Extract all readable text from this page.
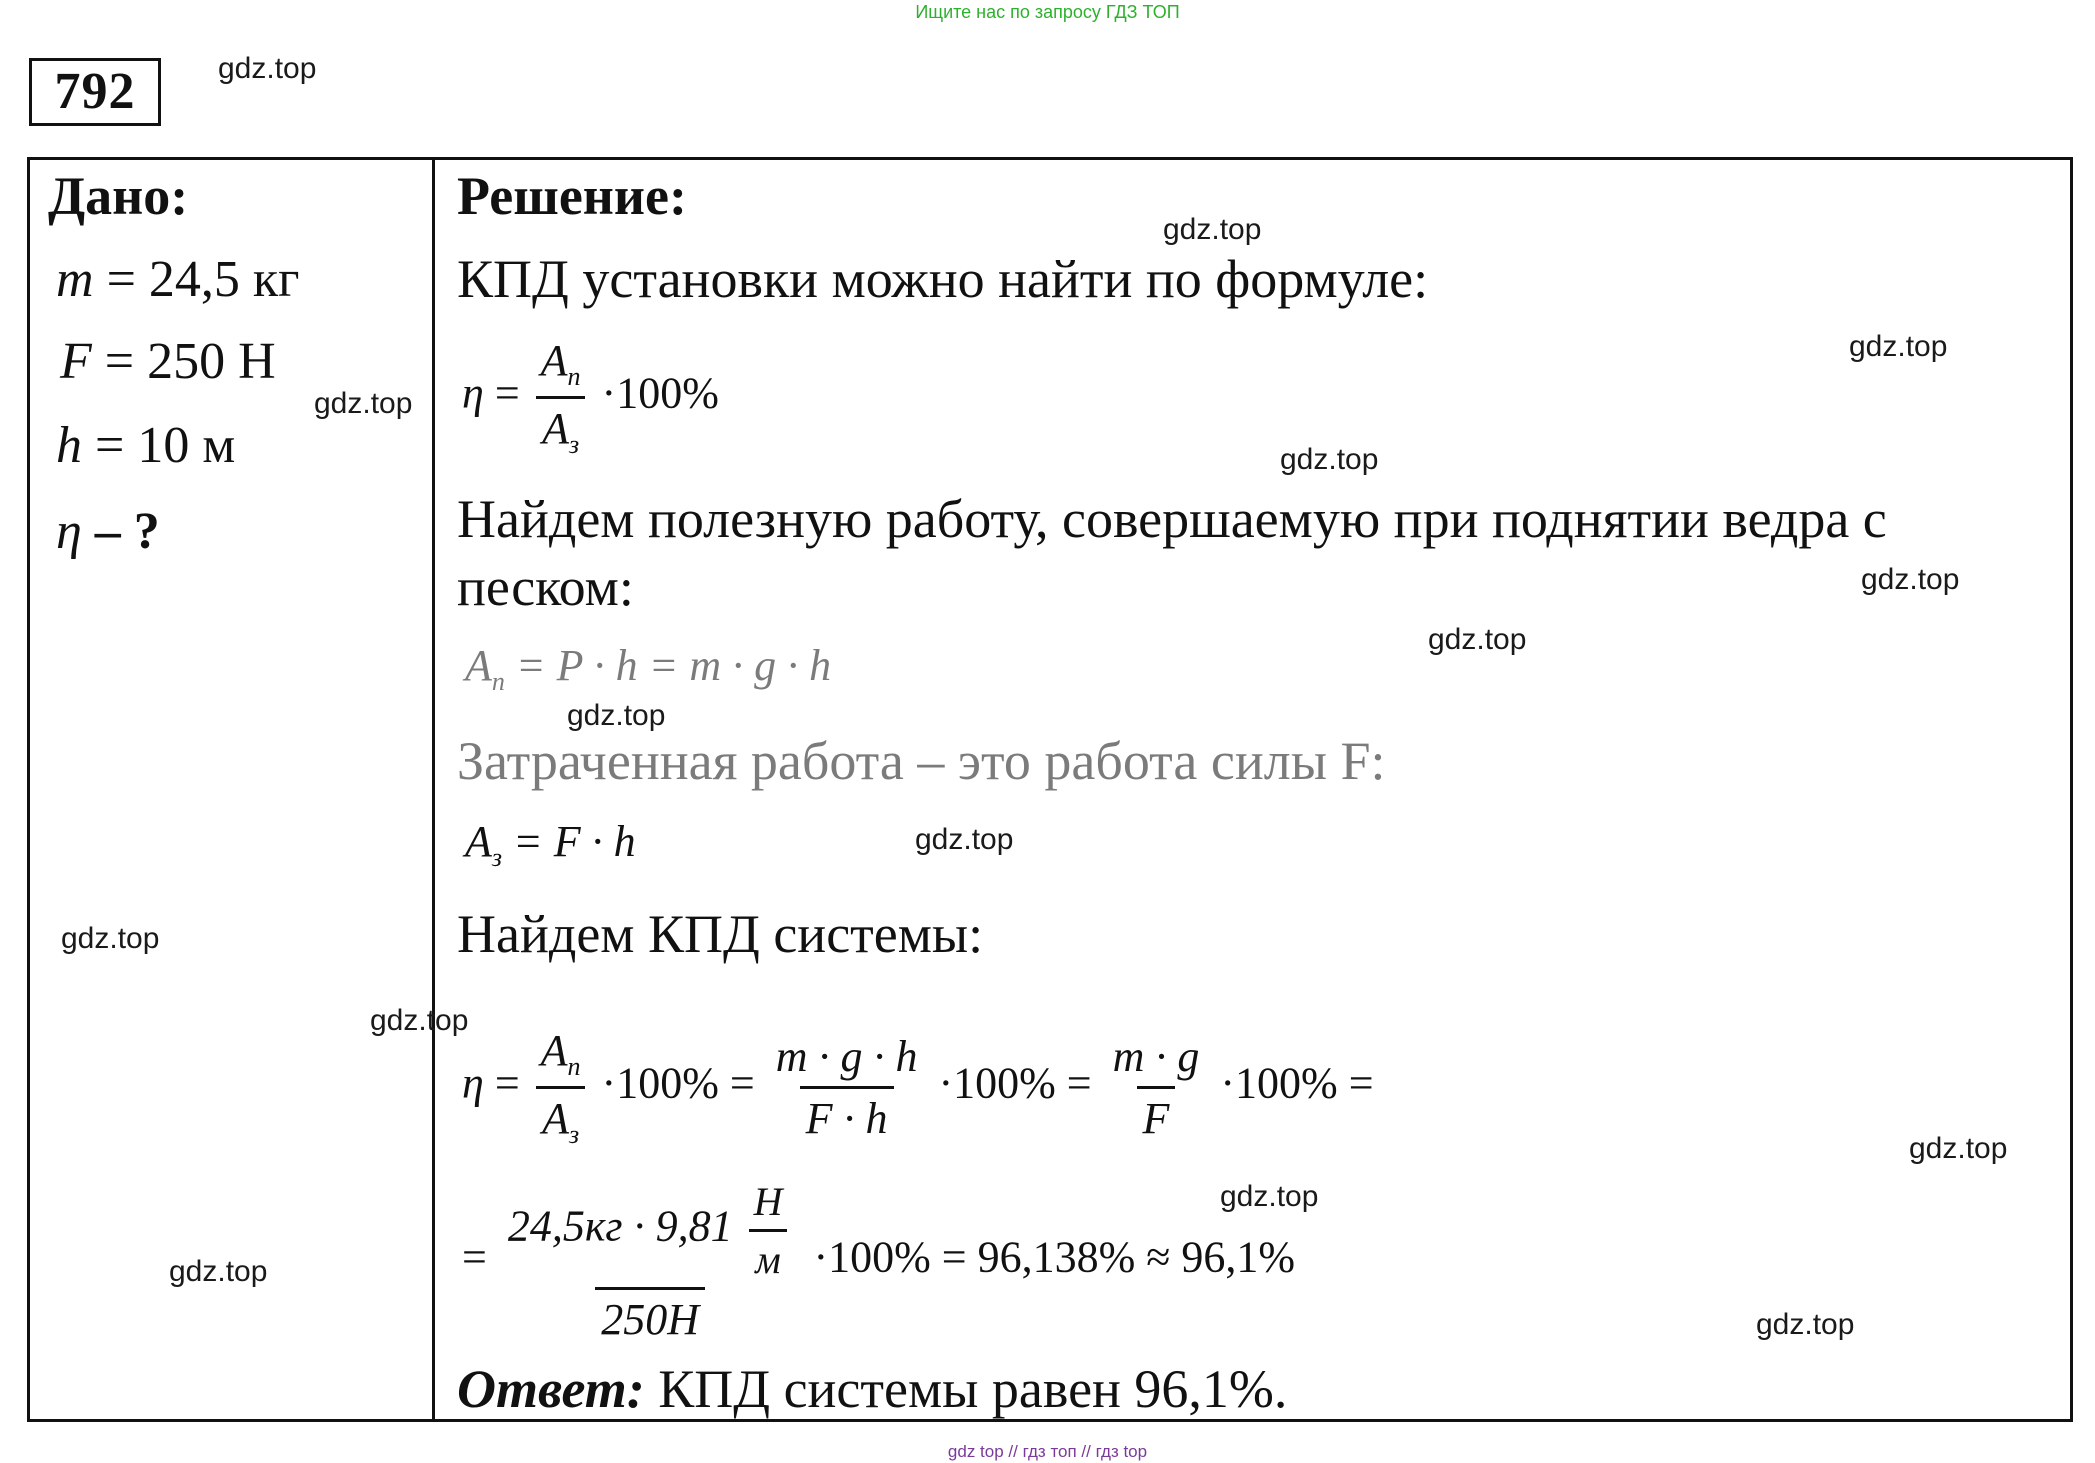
Ищите нас по запросу ГДЗ ТОП
792
Дано:
m = 24,5 кг
F = 250 Н
h = 10 м
η – ?
Решение:
КПД установки можно найти по формуле:
$\eta = \frac{A_п}{A_з} \cdot 100\%$
Найдем полезную работу, совершаемую при поднятии ведра с
песком:
$A_п = P \cdot h = m \cdot g \cdot h$
Затраченная работа – это работа силы F:
$A_з = F \cdot h$
Найдем КПД системы:
$\eta = \frac{A_п}{A_з} \cdot 100\% = \frac{m \cdot g \cdot h}{F \cdot h} \cdot 100\% = \frac{m \cdot g}{F} \cdot 100\%$ =
= $\frac{24,5кг \cdot 9,81 \frac{Н}{м}}{250Н} \cdot 100\% = 96,138\% \approx 96,1\%$
Ответ: КПД системы равен 96,1%.
gdz.top
gdz.top
gdz.top
gdz.top
gdz.top
gdz.top
gdz.top
gdz.top
gdz.top
gdz.top
gdz.top
gdz.top
gdz.top
gdz.top
gdz.top
gdz top // гдз топ // гдз top
